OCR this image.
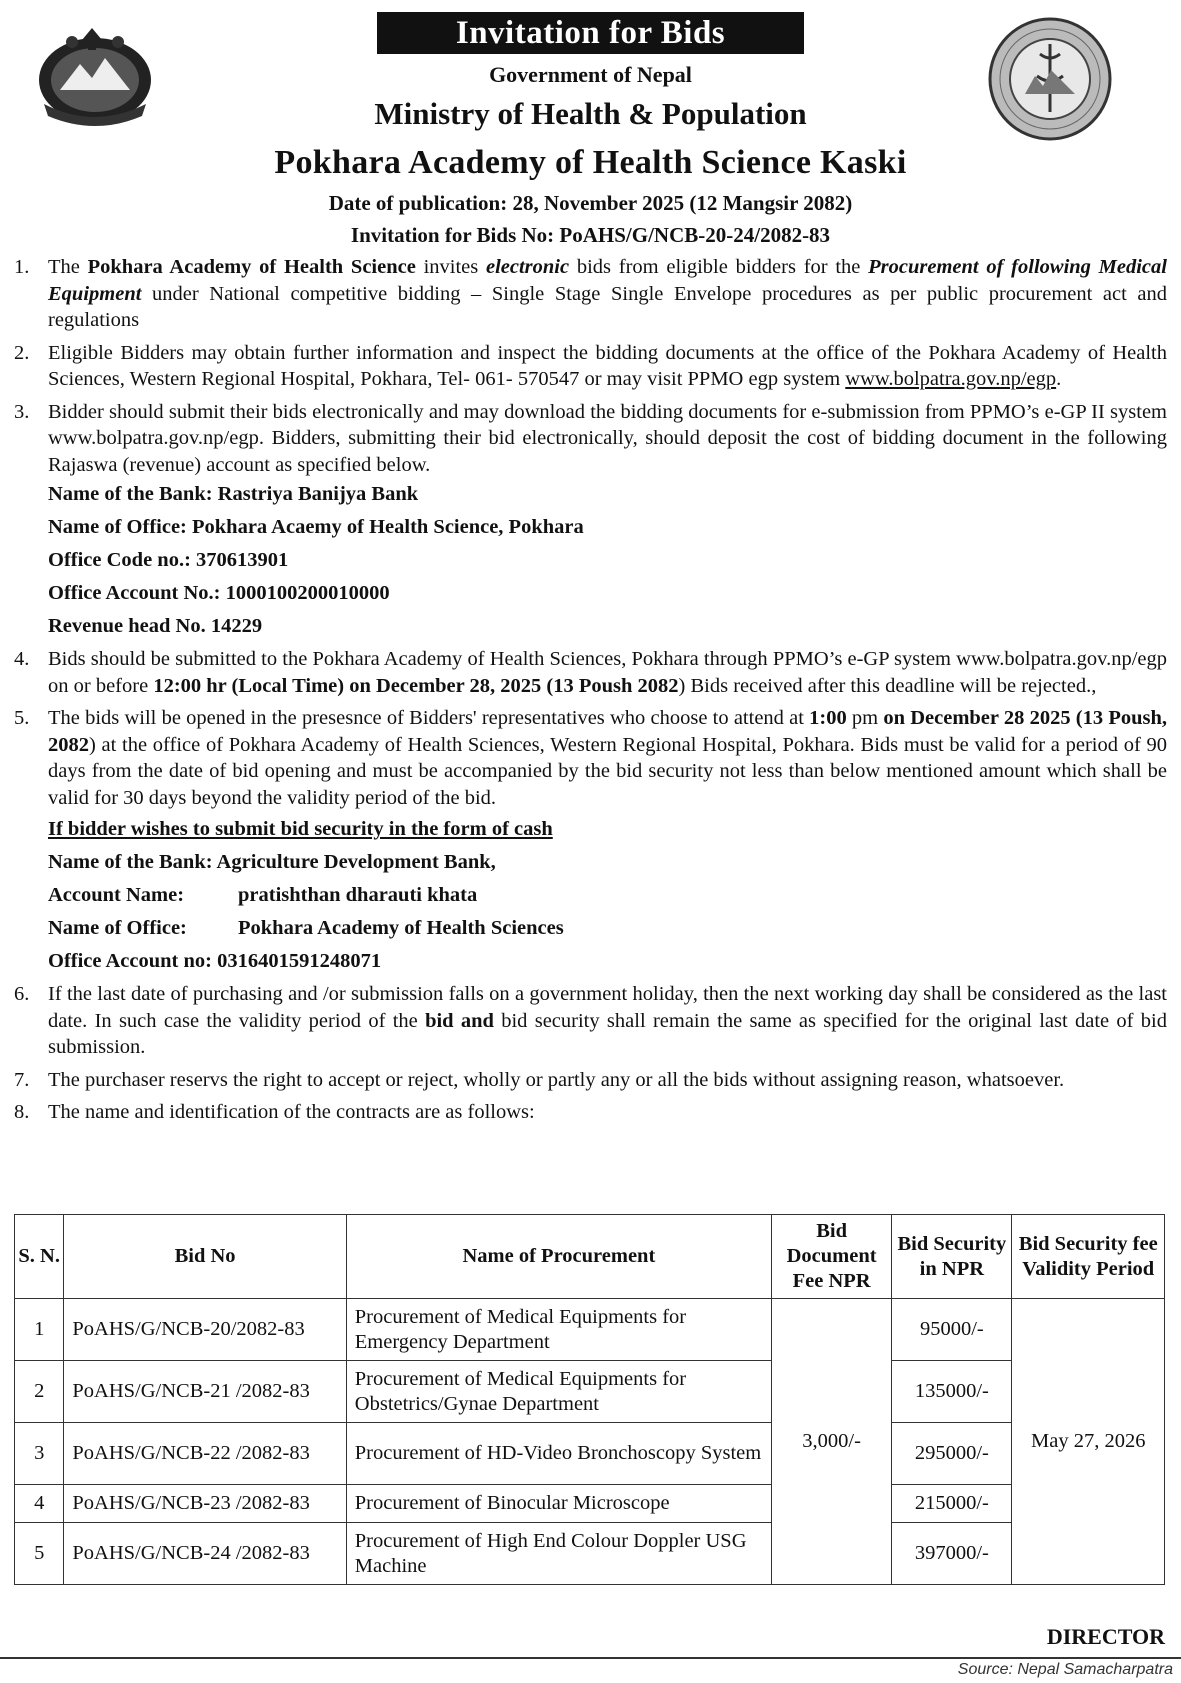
Invitation for Bids
Government of Nepal
Ministry of Health & Population
Pokhara Academy of Health Science Kaski
Date of publication: 28, November 2025 (12 Mangsir 2082)
Invitation for Bids No: PoAHS/G/NCB-20-24/2082-83
1. The Pokhara Academy of Health Science invites electronic bids from eligible bidders for the Procurement of following Medical Equipment under National competitive bidding – Single Stage Single Envelope procedures as per public procurement act and regulations
2. Eligible Bidders may obtain further information and inspect the bidding documents at the office of the Pokhara Academy of Health Sciences, Western Regional Hospital, Pokhara, Tel- 061- 570547 or may visit PPMO egp system www.bolpatra.gov.np/egp.
3. Bidder should submit their bids electronically and may download the bidding documents for e-submission from PPMO’s e-GP II system www.bolpatra.gov.np/egp. Bidders, submitting their bid electronically, should deposit the cost of bidding document in the following Rajaswa (revenue) account as specified below.
Name of the Bank: Rastriya Banijya Bank
Name of Office: Pokhara Acaemy of Health Science, Pokhara
Office Code no.: 370613901
Office Account No.: 1000100200010000
Revenue head No. 14229
4. Bids should be submitted to the Pokhara Academy of Health Sciences, Pokhara through PPMO’s e-GP system www.bolpatra.gov.np/egp on or before 12:00 hr (Local Time) on December 28, 2025 (13 Poush 2082) Bids received after this deadline will be rejected.,
5. The bids will be opened in the presesnce of Bidders' representatives who choose to attend at 1:00 pm on December 28 2025 (13 Poush, 2082) at the office of Pokhara Academy of Health Sciences, Western Regional Hospital, Pokhara. Bids must be valid for a period of 90 days from the date of bid opening and must be accompanied by the bid security not less than below mentioned amount which shall be valid for 30 days beyond the validity period of the bid.
If bidder wishes to submit bid security in the form of cash
Name of the Bank: Agriculture Development Bank,
Account Name:	pratishthan dharauti khata
Name of Office: Pokhara Academy of Health Sciences
Office Account no: 0316401591248071
6. If the last date of purchasing and /or submission falls on a government holiday, then the next working day shall be considered as the last date. In such case the validity period of the bid and bid security shall remain the same as specified for the original last date of bid submission.
7. The purchaser reservs the right to accept or reject, wholly or partly any or all the bids without assigning reason, whatsoever.
8. The name and identification of the contracts are as follows:
S. N.	Bid No	Name of Procurement	Bid Document Fee NPR	Bid Security in NPR	Bid Security fee Validity Period
1	PoAHS/G/NCB-20/2082-83	Procurement of Medical Equipments for Emergency Department	3,000/-	95000/-	May 27, 2026
2	PoAHS/G/NCB-21 /2082-83	Procurement of Medical Equipments for Obstetrics/Gynae Department		135000/-	
3	PoAHS/G/NCB-22 /2082-83	Procurement of HD-Video Bronchoscopy System		295000/-	
4	PoAHS/G/NCB-23 /2082-83	Procurement of Binocular Microscope		215000/-	
5	PoAHS/G/NCB-24 /2082-83	Procurement of High End Colour Doppler USG Machine		397000/-	
DIRECTOR
Source: Nepal Samacharpatra
